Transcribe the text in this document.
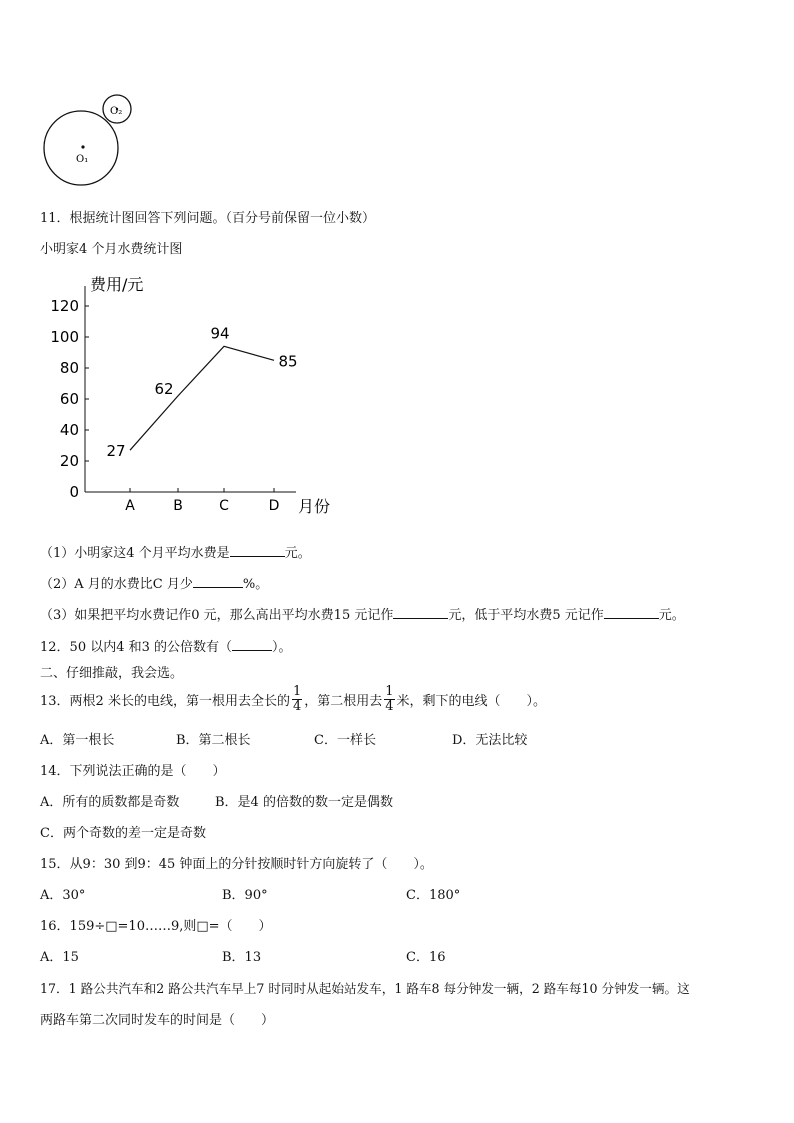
O₁
O₂
11．根据统计图回答下列问题。（百分号前保留一位小数）
小明家4 个月水费统计图
费用/元
月份
0
20
40
60
80
100
120
A	B	C	D
27
62
94
85
（1）小明家这4 个月平均水费是	元。
（2）A 月的水费比C 月少	%。
（3）如果把平均水费记作0 元，那么高出平均水费15 元记作	元，低于平均水费5 元记作	元。
12．50 以内4 和3 的公倍数有（	）。
二、仔细推敲，我会选。
13．两根2 米长的电线，第一根用去全长的 $\frac{1}{4}$ ，第二根用去 $\frac{1}{4}$ 米，剩下的电线（　　）。
A．第一根长	B．第二根长	C．一样长	D．无法比较
14．下列说法正确的是（　　）
A．所有的质数都是奇数	B．是4 的倍数的数一定是偶数
C．两个奇数的差一定是奇数
15．从9：30 到9：45 钟面上的分针按顺时针方向旋转了（　　）。
A．30°	B．90°	C．180°
16．159÷□=10……9,则□=（　　）
A．15	B．13	C．16
17．1 路公共汽车和2 路公共汽车早上7 时同时从起始站发车，1 路车8 每分钟发一辆，2 路车每10 分钟发一辆。这
两路车第二次同时发车的时间是（　　）
